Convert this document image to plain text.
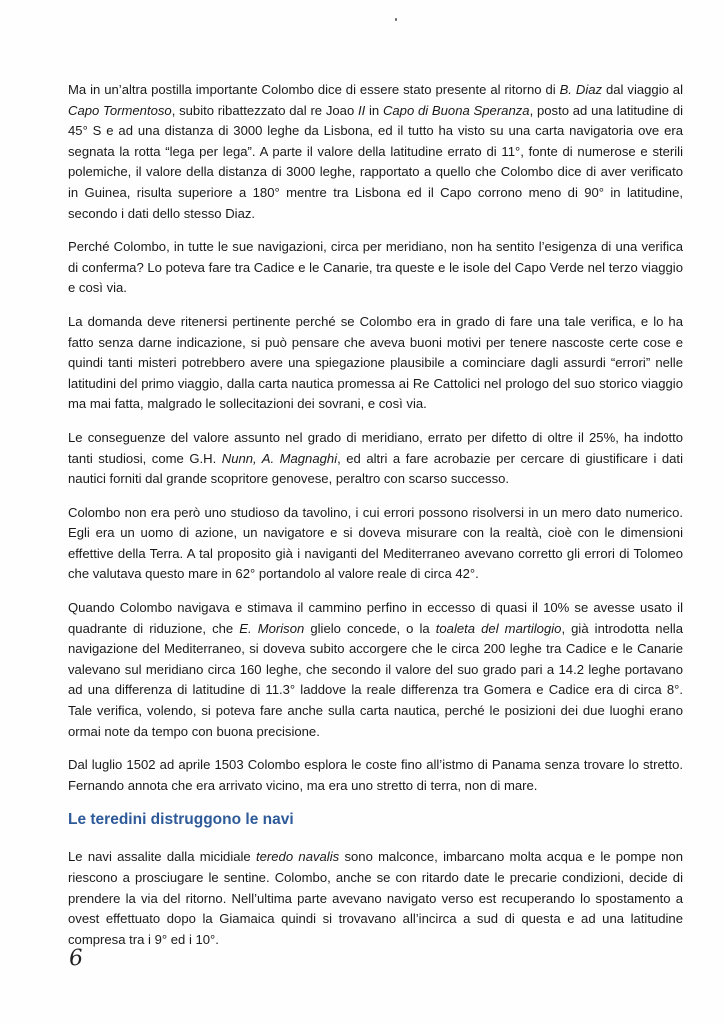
Ma in un’altra postilla importante Colombo dice di essere stato presente al ritorno di B. Diaz dal viaggio al Capo Tormentoso, subito ribattezzato dal re Joao II in Capo di Buona Speranza, posto ad una latitudine di 45° S e ad una distanza di 3000 leghe da Lisbona, ed il tutto ha visto su una carta navigatoria ove era segnata la rotta “lega per lega”. A parte il valore della latitudine errato di 11°, fonte di numerose e sterili polemiche, il valore della distanza di 3000 leghe, rapportato a quello che Colombo dice di aver verificato in Guinea, risulta superiore a 180° mentre tra Lisbona ed il Capo corrono meno di 90° in latitudine, secondo i dati dello stesso Diaz.

Perché Colombo, in tutte le sue navigazioni, circa per meridiano, non ha sentito l’esigenza di una verifica di conferma? Lo poteva fare tra Cadice e le Canarie, tra queste e le isole del Capo Verde nel terzo viaggio e così via.

La domanda deve ritenersi pertinente perché se Colombo era in grado di fare una tale verifica, e lo ha fatto senza darne indicazione, si può pensare che aveva buoni motivi per tenere nascoste certe cose e quindi tanti misteri potrebbero avere una spiegazione plausibile a cominciare dagli assurdi “errori” nelle latitudini del primo viaggio, dalla carta nautica promessa ai Re Cattolici nel prologo del suo storico viaggio ma mai fatta, malgrado le sollecitazioni dei sovrani, e così via.

Le conseguenze del valore assunto nel grado di meridiano, errato per difetto di oltre il 25%, ha indotto tanti studiosi, come G.H. Nunn, A. Magnaghi, ed altri a fare acrobazie per cercare di giustificare i dati nautici forniti dal grande scopritore genovese, peraltro con scarso successo.

Colombo non era però uno studioso da tavolino, i cui errori possono risolversi in un mero dato numerico. Egli era un uomo di azione, un navigatore e si doveva misurare con la realtà, cioè con le dimensioni effettive della Terra. A tal proposito già i naviganti del Mediterraneo avevano corretto gli errori di Tolomeo che valutava questo mare in 62° portandolo al valore reale di circa 42°.

Quando Colombo navigava e stimava il cammino perfino in eccesso di quasi il 10% se avesse usato il quadrante di riduzione, che E. Morison glielo concede, o la toaleta del martilogio, già introdotta nella navigazione del Mediterraneo, si doveva subito accorgere che le circa 200 leghe tra Cadice e le Canarie valevano sul meridiano circa 160 leghe, che secondo il valore del suo grado pari a 14.2 leghe portavano ad una differenza di latitudine di 11.3° laddove la reale differenza tra Gomera e Cadice era di circa 8°. Tale verifica, volendo, si poteva fare anche sulla carta nautica, perché le posizioni dei due luoghi erano ormai note da tempo con buona precisione.

Dal luglio 1502 ad aprile 1503 Colombo esplora le coste fino all’istmo di Panama senza trovare lo stretto. Fernando annota che era arrivato vicino, ma era uno stretto di terra, non di mare.

Le teredini distruggono le navi

Le navi assalite dalla micidiale teredo navalis sono malconce, imbarcano molta acqua e le pompe non riescono a prosciugare le sentine. Colombo, anche se con ritardo date le precarie condizioni, decide di prendere la via del ritorno. Nell’ultima parte avevano navigato verso est recuperando lo spostamento a ovest effettuato dopo la Giamaica quindi si trovavano all’incirca a sud di questa e ad una latitudine compresa tra i 9° ed i 10°.

6
